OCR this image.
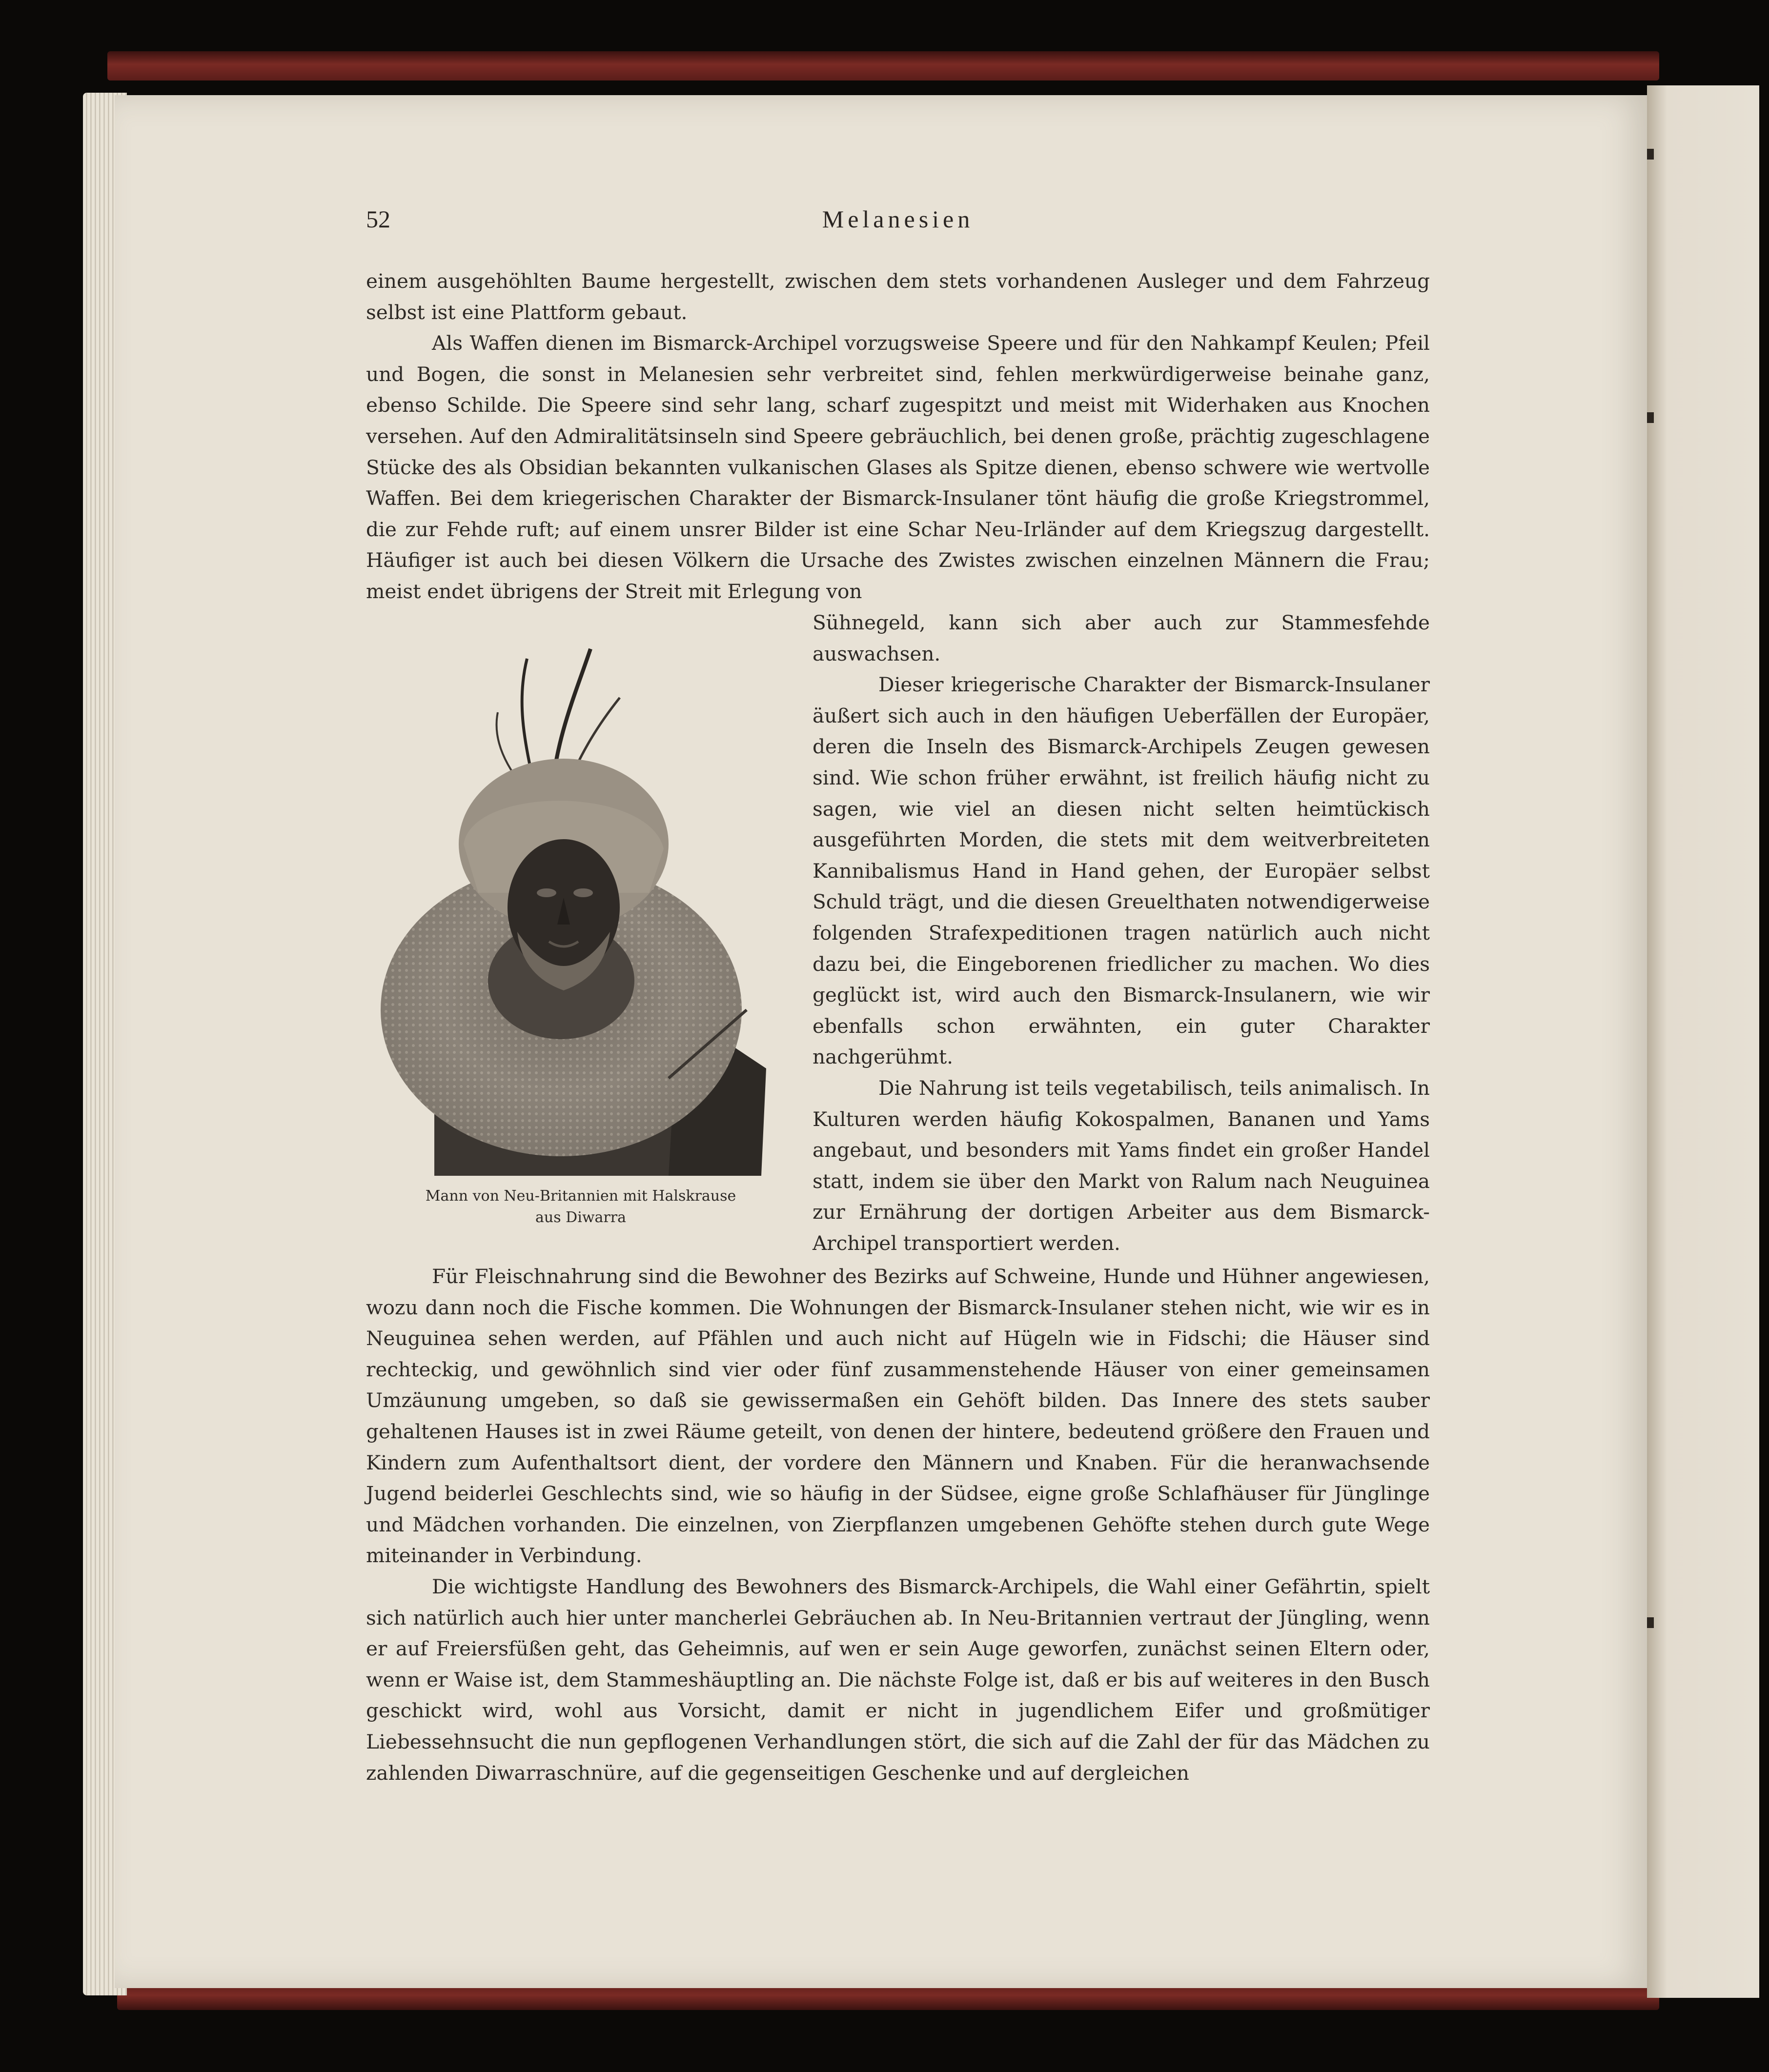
52	Melanesien

einem ausgehöhlten Baume hergestellt, zwischen dem stets vorhandenen Ausleger und dem Fahrzeug selbst ist eine Plattform gebaut.

Als Waffen dienen im Bismarck-Archipel vorzugsweise Speere und für den Nahkampf Keulen; Pfeil und Bogen, die sonst in Melanesien sehr verbreitet sind, fehlen merkwürdigerweise beinahe ganz, ebenso Schilde. Die Speere sind sehr lang, scharf zugespitzt und meist mit Widerhaken aus Knochen versehen. Auf den Admiralitätsinseln sind Speere gebräuchlich, bei denen große, prächtig zugeschlagene Stücke des als Obsidian bekannten vulkanischen Glases als Spitze dienen, ebenso schwere wie wertvolle Waffen. Bei dem kriegerischen Charakter der Bismarck-Insulaner tönt häufig die große Kriegstrommel, die zur Fehde ruft; auf einem unsrer Bilder ist eine Schar Neu-Irländer auf dem Kriegszug dargestellt. Häufiger ist auch bei diesen Völkern die Ursache des Zwistes zwischen einzelnen Männern die Frau; meist endet übrigens der Streit mit Erlegung von

Mann von Neu-Britannien mit Halskrause
aus Diwarra

Sühnegeld, kann sich aber auch zur Stammesfehde auswachsen.

Dieser kriegerische Charakter der Bismarck-Insulaner äußert sich auch in den häufigen Ueberfällen der Europäer, deren die Inseln des Bismarck-Archipels Zeugen gewesen sind. Wie schon früher erwähnt, ist freilich häufig nicht zu sagen, wie viel an diesen nicht selten heimtückisch ausgeführten Morden, die stets mit dem weitverbreiteten Kannibalismus Hand in Hand gehen, der Europäer selbst Schuld trägt, und die diesen Greuelthaten notwendigerweise folgenden Strafexpeditionen tragen natürlich auch nicht dazu bei, die Eingeborenen friedlicher zu machen. Wo dies geglückt ist, wird auch den Bismarck-Insulanern, wie wir ebenfalls schon erwähnten, ein guter Charakter nachgerühmt.

Die Nahrung ist teils vegetabilisch, teils animalisch. In Kulturen werden häufig Kokospalmen, Bananen und Yams angebaut, und besonders mit Yams findet ein großer Handel statt, indem sie über den Markt von Ralum nach Neuguinea zur Ernährung der dortigen Arbeiter aus dem Bismarck-Archipel transportiert werden.

Für Fleischnahrung sind die Bewohner des Bezirks auf Schweine, Hunde und Hühner angewiesen, wozu dann noch die Fische kommen. Die Wohnungen der Bismarck-Insulaner stehen nicht, wie wir es in Neuguinea sehen werden, auf Pfählen und auch nicht auf Hügeln wie in Fidschi; die Häuser sind rechteckig, und gewöhnlich sind vier oder fünf zusammenstehende Häuser von einer gemeinsamen Umzäunung umgeben, so daß sie gewissermaßen ein Gehöft bilden. Das Innere des stets sauber gehaltenen Hauses ist in zwei Räume geteilt, von denen der hintere, bedeutend größere den Frauen und Kindern zum Aufenthaltsort dient, der vordere den Männern und Knaben. Für die heranwachsende Jugend beiderlei Geschlechts sind, wie so häufig in der Südsee, eigne große Schlafhäuser für Jünglinge und Mädchen vorhanden. Die einzelnen, von Zierpflanzen umgebenen Gehöfte stehen durch gute Wege miteinander in Verbindung.

Die wichtigste Handlung des Bewohners des Bismarck-Archipels, die Wahl einer Gefährtin, spielt sich natürlich auch hier unter mancherlei Gebräuchen ab. In Neu-Britannien vertraut der Jüngling, wenn er auf Freiersfüßen geht, das Geheimnis, auf wen er sein Auge geworfen, zunächst seinen Eltern oder, wenn er Waise ist, dem Stammeshäuptling an. Die nächste Folge ist, daß er bis auf weiteres in den Busch geschickt wird, wohl aus Vorsicht, damit er nicht in jugendlichem Eifer und großmütiger Liebessehnsucht die nun gepflogenen Verhandlungen stört, die sich auf die Zahl der für das Mädchen zu zahlenden Diwarraschnüre, auf die gegenseitigen Geschenke und auf dergleichen
